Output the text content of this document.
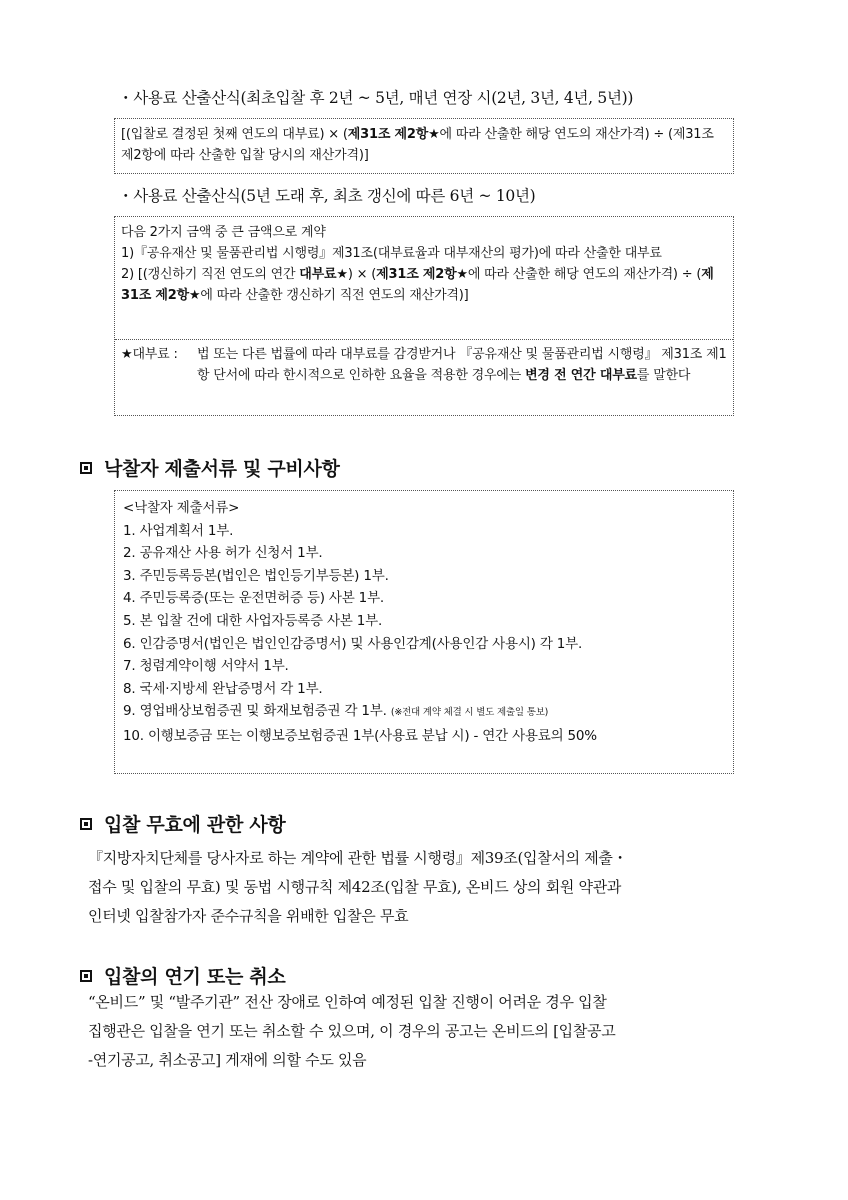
・사용료 산출산식(최초입찰 후 2년 ~ 5년, 매년 연장 시(2년, 3년, 4년, 5년))

[(입찰로 결정된 첫째 연도의 대부료) × (제31조 제2항★에 따라 산출한 해당 연도의 재산가격) ÷ (제31조 제2항에 따라 산출한 입찰 당시의 재산가격)]

・사용료 산출산식(5년 도래 후, 최초 갱신에 따른 6년 ~ 10년)

다음 2가지 금액 중 큰 금액으로 계약

1)『공유재산 및 물품관리법 시행령』제31조(대부료율과 대부재산의 평가)에 따라 산출한 대부료

2) [(갱신하기 직전 연도의 연간 대부료★) × (제31조 제2항★에 따라 산출한 해당 연도의 재산가격) ÷ (제31조 제2항★에 따라 산출한 갱신하기 직전 연도의 재산가격)]

★대부료 :	법 또는 다른 법률에 따라 대부료를 감경받거나 『공유재산 및 물품관리법 시행령』 제31조 제1항 단서에 따라 한시적으로 인하한 요율을 적용한 경우에는 변경 전 연간 대부료를 말한다
낙찰자 제출서류 및 구비사항

<낙찰자 제출서류>

1. 사업계획서 1부.

2. 공유재산 사용 허가 신청서 1부.

3. 주민등록등본(법인은 법인등기부등본) 1부.

4. 주민등록증(또는 운전면허증 등) 사본 1부.

5. 본 입찰 건에 대한 사업자등록증 사본 1부.

6. 인감증명서(법인은 법인인감증명서) 및 사용인감계(사용인감 사용시) 각 1부.

7. 청렴계약이행 서약서 1부.

8. 국세·지방세 완납증명서 각 1부.

9. 영업배상보험증권 및 화재보험증권 각 1부. (※전대 계약 체결 시 별도 제출일 통보)

10. 이행보증금 또는 이행보증보험증권 1부(사용료 분납 시) - 연간 사용료의 50%

입찰 무효에 관한 사항

『지방자치단체를 당사자로 하는 계약에 관한 법률 시행령』제39조(입찰서의 제출・

접수 및 입찰의 무효) 및 동법 시행규칙 제42조(입찰 무효), 온비드 상의 회원 약관과

인터넷 입찰참가자 준수규칙을 위배한 입찰은 무효

입찰의 연기 또는 취소

“온비드” 및 “발주기관” 전산 장애로 인하여 예정된 입찰 진행이 어려운 경우 입찰

집행관은 입찰을 연기 또는 취소할 수 있으며, 이 경우의 공고는 온비드의 [입찰공고

-연기공고, 취소공고] 게재에 의할 수도 있음
